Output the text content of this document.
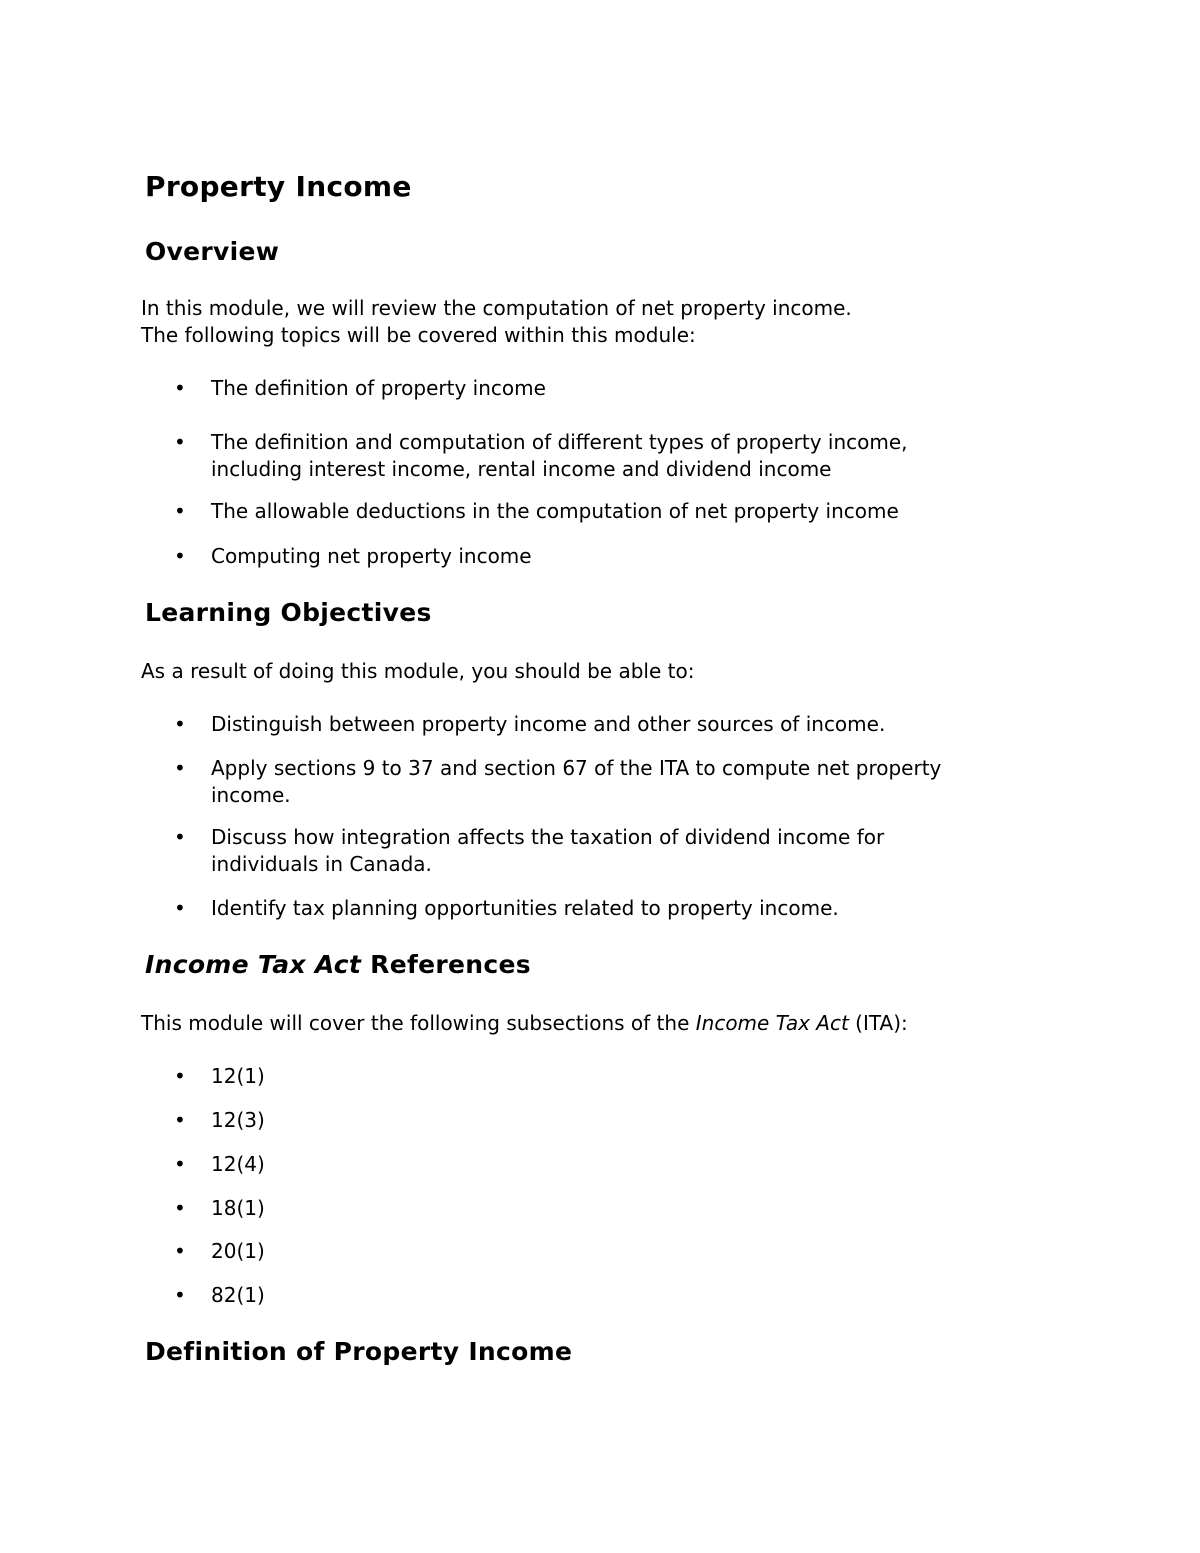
Property Income
Overview

In this module, we will review the computation of net property income.

The following topics will be covered within this module:

• The definition of property income
• The definition and computation of different types of property income, including interest income, rental income and dividend income
• The allowable deductions in the computation of net property income
• Computing net property income
Learning Objectives

As a result of doing this module, you should be able to:

• Distinguish between property income and other sources of income.
• Apply sections 9 to 37 and section 67 of the ITA to compute net property income.
• Discuss how integration affects the taxation of dividend income for individuals in Canada.
• Identify tax planning opportunities related to property income.
Income Tax Act References

This module will cover the following subsections of the Income Tax Act (ITA):

• 12(1)
• 12(3)
• 12(4)
• 18(1)
• 20(1)
• 82(1)
Definition of Property Income
